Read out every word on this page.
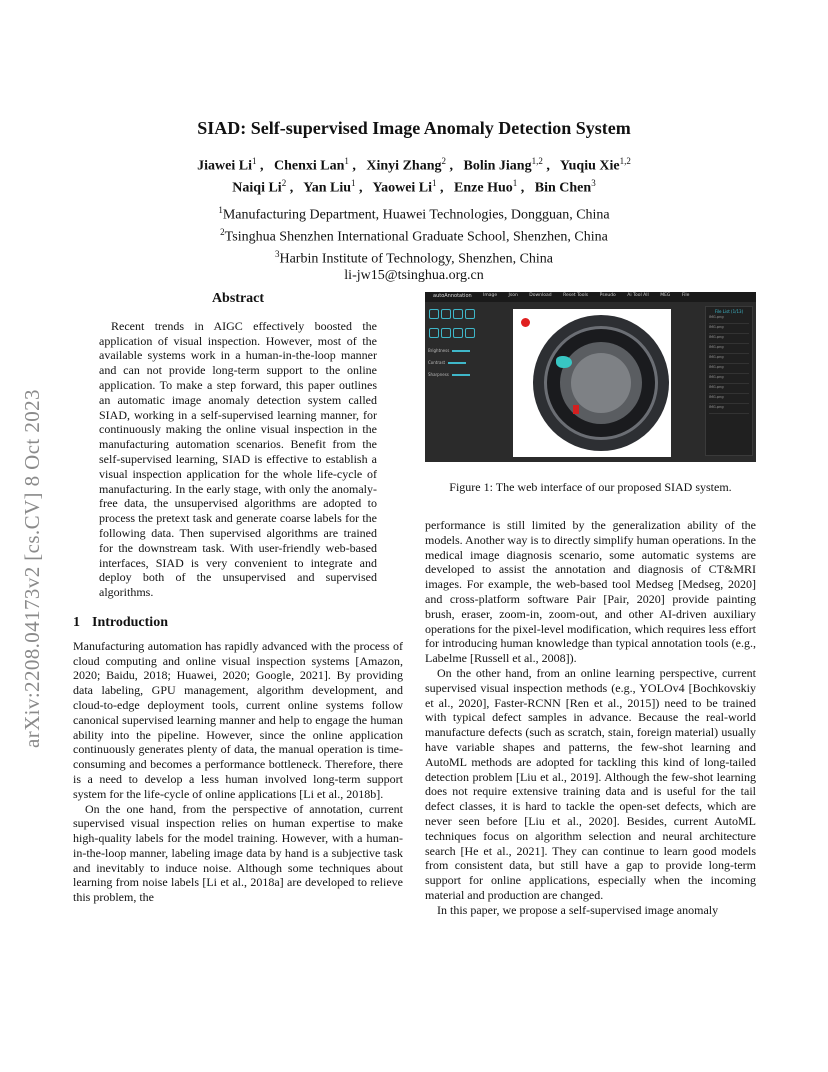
arXiv:2208.04173v2 [cs.CV] 8 Oct 2023
SIAD: Self-supervised Image Anomaly Detection System
Jiawei Li$^1$ ,   Chenxi Lan$^1$ ,   Xinyi Zhang$^2$ ,   Bolin Jiang$^{1,2}$ ,   Yuqiu Xie$^{1,2}$
Naiqi Li$^2$ ,   Yan Liu$^1$ ,   Yaowei Li$^1$ ,   Enze Huo$^1$ ,   Bin Chen$^3$
$^1$Manufacturing Department, Huawei Technologies, Dongguan, China
$^2$Tsinghua Shenzhen International Graduate School, Shenzhen, China
$^3$Harbin Institute of Technology, Shenzhen, China
li-jw15@tsinghua.org.cn
Abstract

Recent trends in AIGC effectively boosted the application of visual inspection. However, most of the available systems work in a human-in-the-loop manner and can not provide long-term support to the online application. To make a step forward, this paper outlines an automatic image anomaly detection system called SIAD, working in a self-supervised learning manner, for continuously making the online visual inspection in the manufacturing automation scenarios. Benefit from the self-supervised learning, SIAD is effective to establish a visual inspection application for the whole life-cycle of manufacturing. In the early stage, with only the anomaly-free data, the unsupervised algorithms are adopted to process the pretext task and generate coarse labels for the following data. Then supervised algorithms are trained for the downstream task. With user-friendly web-based interfaces, SIAD is very convenient to integrate and deploy both of the unsupervised and supervised algorithms.

1 Introduction

Manufacturing automation has rapidly advanced with the process of cloud computing and online visual inspection systems [Amazon, 2020; Baidu, 2018; Huawei, 2020; Google, 2021]. By providing data labeling, GPU management, algorithm development, and cloud-to-edge deployment tools, current online systems follow canonical supervised learning manner and help to engage the human ability into the pipeline. However, since the online application continuously generates plenty of data, the manual operation is time-consuming and becomes a performance bottleneck. Therefore, there is a need to develop a less human involved long-term support system for the life-cycle of online applications [Li et al., 2018b].

On the one hand, from the perspective of annotation, current supervised visual inspection relies on human expertise to make high-quality labels for the model training. However, with a human-in-the-loop manner, labeling image data by hand is a subjective task and inevitably to induce noise. Although some techniques about learning from noise labels [Li et al., 2018a] are developed to relieve this problem, the

autoAnnotation	Image	Json	Download	Reset Tools	Pseudo	Ai Tool All	MEG	File
Brightness
Contrast
Sharpness
File List (1/13)
IMG.png
IMG.png
IMG.png
IMG.png
IMG.png
IMG.png
IMG.png
IMG.png
IMG.png
IMG.png
Figure 1: The web interface of our proposed SIAD system.

performance is still limited by the generalization ability of the models. Another way is to directly simplify human operations. In the medical image diagnosis scenario, some automatic systems are developed to assist the annotation and diagnosis of CT&MRI images. For example, the web-based tool Medseg [Medseg, 2020] and cross-platform software Pair [Pair, 2020] provide painting brush, eraser, zoom-in, zoom-out, and other AI-driven auxiliary operations for the pixel-level modification, which requires less effort for introducing human knowledge than typical annotation tools (e.g., Labelme [Russell et al., 2008]).

On the other hand, from an online learning perspective, current supervised visual inspection methods (e.g., YOLOv4 [Bochkovskiy et al., 2020], Faster-RCNN [Ren et al., 2015]) need to be trained with typical defect samples in advance. Because the real-world manufacture defects (such as scratch, stain, foreign material) usually have variable shapes and patterns, the few-shot learning and AutoML methods are adopted for tackling this kind of long-tailed detection problem [Liu et al., 2019]. Although the few-shot learning does not require extensive training data and is useful for the tail defect classes, it is hard to tackle the open-set defects, which are never seen before [Liu et al., 2020]. Besides, current AutoML techniques focus on algorithm selection and neural architecture search [He et al., 2021]. They can continue to learn good models from consistent data, but still have a gap to provide long-term support for online applications, especially when the incoming material and production are changed.

In this paper, we propose a self-supervised image anomaly
